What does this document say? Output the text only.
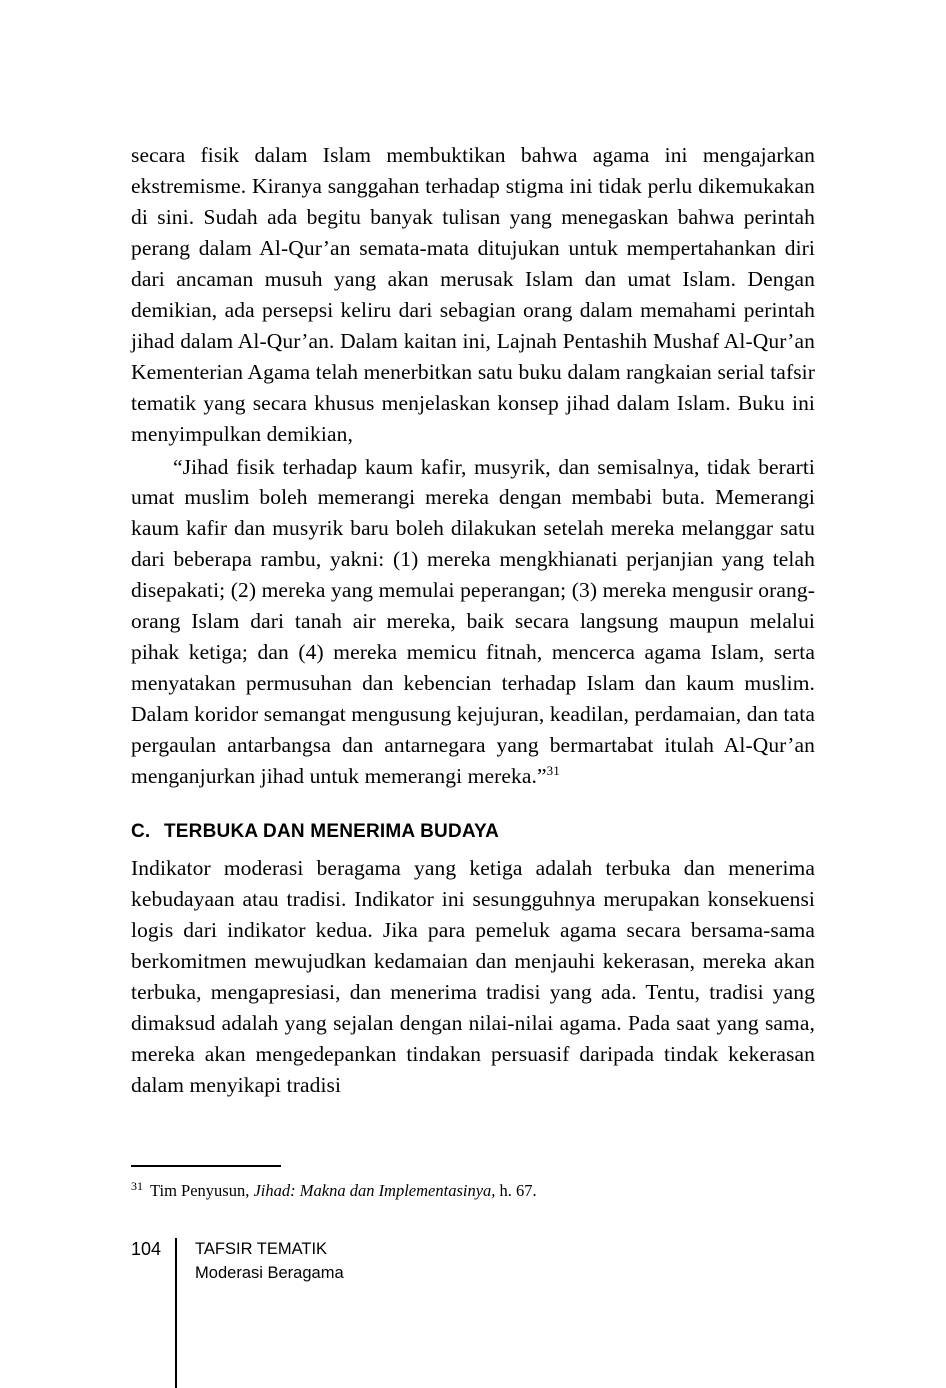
secara fisik dalam Islam membuktikan bahwa agama ini mengajarkan ekstremisme. Kiranya sanggahan terhadap stigma ini tidak perlu dikemukakan di sini. Sudah ada begitu banyak tulisan yang menegaskan bahwa perintah perang dalam Al-Qur’an semata-mata ditujukan untuk mempertahankan diri dari ancaman musuh yang akan merusak Islam dan umat Islam. Dengan demikian, ada persepsi keliru dari sebagian orang dalam memahami perintah jihad dalam Al-Qur’an. Dalam kaitan ini, Lajnah Pentashih Mushaf Al-Qur’an Kementerian Agama telah menerbitkan satu buku dalam rangkaian serial tafsir tematik yang secara khusus menjelaskan konsep jihad dalam Islam. Buku ini menyimpulkan demikian,

“Jihad fisik terhadap kaum kafir, musyrik, dan semisalnya, tidak berarti umat muslim boleh memerangi mereka dengan membabi buta. Memerangi kaum kafir dan musyrik baru boleh dilakukan setelah mereka melanggar satu dari beberapa rambu, yakni: (1) mereka mengkhianati perjanjian yang telah disepakati; (2) mereka yang memulai peperangan; (3) mereka mengusir orang-orang Islam dari tanah air mereka, baik secara langsung maupun melalui pihak ketiga; dan (4) mereka memicu fitnah, mencerca agama Islam, serta menyatakan permusuhan dan kebencian terhadap Islam dan kaum muslim. Dalam koridor semangat mengusung kejujuran, keadilan, perdamaian, dan tata pergaulan antarbangsa dan antarnegara yang bermartabat itulah Al-Qur’an menganjurkan jihad untuk memerangi mereka.”$^{31}$

C. TERBUKA DAN MENERIMA BUDAYA

Indikator moderasi beragama yang ketiga adalah terbuka dan menerima kebudayaan atau tradisi. Indikator ini sesungguhnya merupakan konsekuensi logis dari indikator kedua. Jika para pemeluk agama secara bersama-sama berkomitmen mewujudkan kedamaian dan menjauhi kekerasan, mereka akan terbuka, mengapresiasi, dan menerima tradisi yang ada. Tentu, tradisi yang dimaksud adalah yang sejalan dengan nilai-nilai agama. Pada saat yang sama, mereka akan mengedepankan tindakan persuasif daripada tindak kekerasan dalam menyikapi tradisi

$^{31}$ Tim Penyusun, Jihad: Makna dan Implementasinya, h. 67.
104	TAFSIR TEMATIK
Moderasi Beragama
